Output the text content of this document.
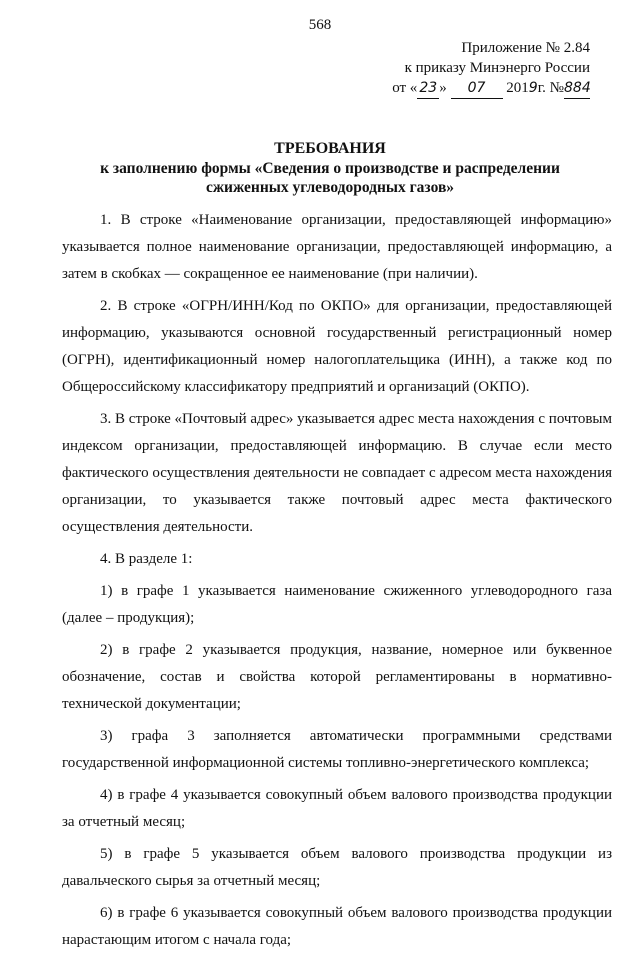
568
Приложение № 2.84
к приказу Минэнерго России
от « 23 » 07 2019г. №884
ТРЕБОВАНИЯ
к заполнению формы «Сведения о производстве и распределении сжиженных углеводородных газов»

1. В строке «Наименование организации, предоставляющей информацию» указывается полное наименование организации, предоставляющей информацию, а затем в скобках — сокращенное ее наименование (при наличии).

2. В строке «ОГРН/ИНН/Код по ОКПО» для организации, предоставляющей информацию, указываются основной государственный регистрационный номер (ОГРН), идентификационный номер налогоплательщика (ИНН), а также код по Общероссийскому классификатору предприятий и организаций (ОКПО).

3. В строке «Почтовый адрес» указывается адрес места нахождения с почтовым индексом организации, предоставляющей информацию. В случае если место фактического осуществления деятельности не совпадает с адресом места нахождения организации, то указывается также почтовый адрес места фактического осуществления деятельности.

4. В разделе 1:

1) в графе 1 указывается наименование сжиженного углеводородного газа (далее – продукция);

2) в графе 2 указывается продукция, название, номерное или буквенное обозначение, состав и свойства которой регламентированы в нормативно-технической документации;

3) графа 3 заполняется автоматически программными средствами государственной информационной системы топливно-энергетического комплекса;

4) в графе 4 указывается совокупный объем валового производства продукции за отчетный месяц;

5) в графе 5 указывается объем валового производства продукции из давальческого сырья за отчетный месяц;

6) в графе 6 указывается совокупный объем валового производства продукции нарастающим итогом с начала года;
